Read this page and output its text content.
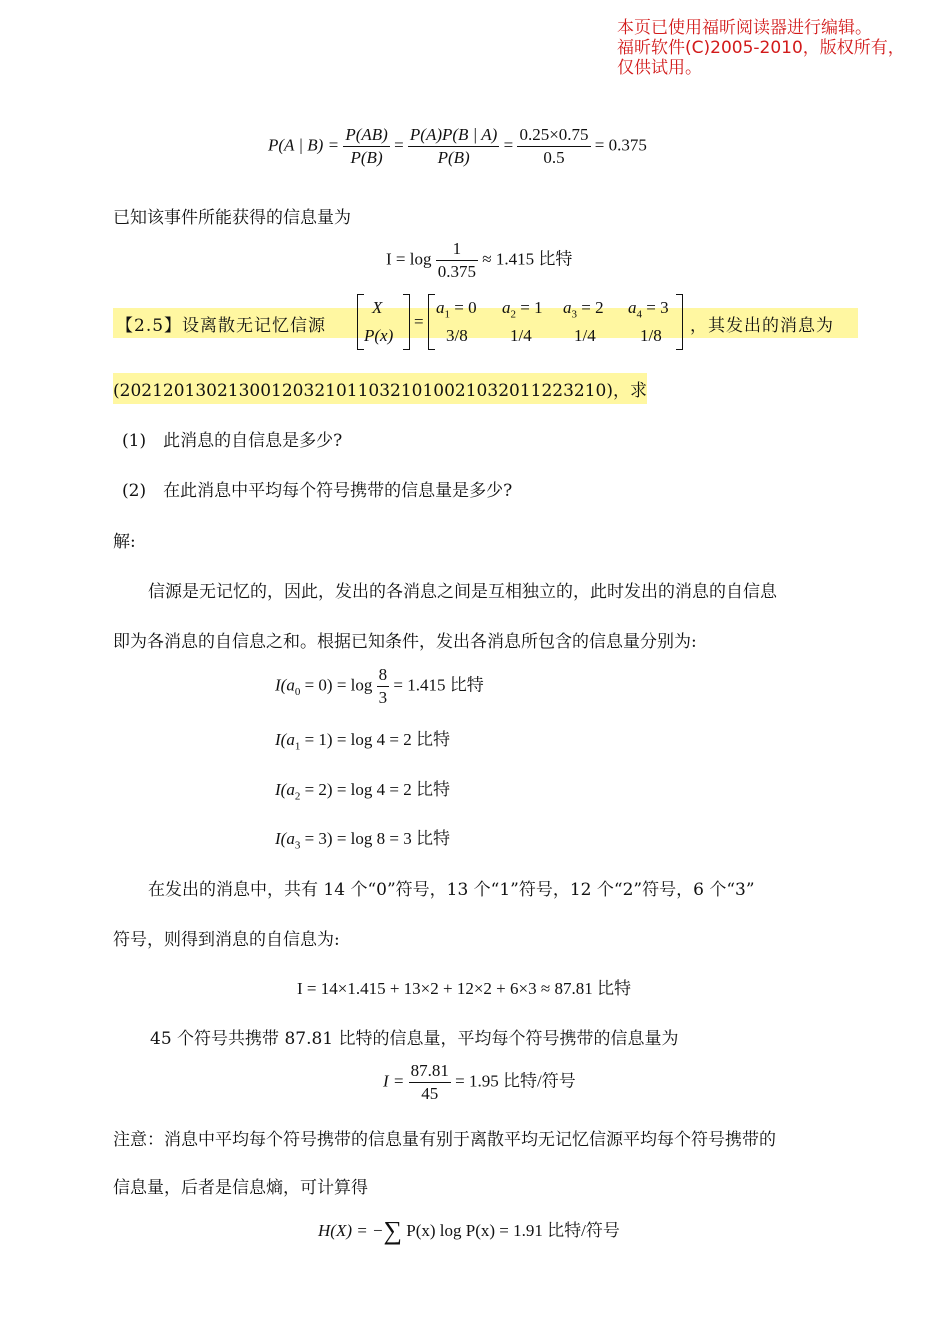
本页已使用福昕阅读器进行编辑。
福昕软件(C)2005-2010，版权所有，
仅供试用。
P(A | $B) = \frac{P(AB)}{P(B)} = \frac{P(A)P(B | A)}{P(B)} = \frac{0.25\times 0.75}{0.5} = 0.375$
已知该事件所能获得的信息量为
$I = \log \frac{1}{0.375} \approx 1.415$ 比特
【2.5】设离散无记忆信源
X
P(x)
=
$a_1 = 0$ $a_2 = 1$ $a_3 = 2$ $a_4 = 3$
3/8 1/4 1/4	1/8 ，其发出的消息为
(202120130213001203210110321010021032011223210)，求
(1)　此消息的自信息是多少?
(2)　在此消息中平均每个符号携带的信息量是多少?
解:
信源是无记忆的，因此，发出的各消息之间是互相独立的，此时发出的消息的自信息
即为各消息的自信息之和。根据已知条件，发出各消息所包含的信息量分别为:
$I(a_0 = 0) = \log \frac{8}{3} = 1.415$ 比特
$I(a_1 = 1) = \log 4 = 2$ 比特
$I(a_2 = 2) = \log 4 = 2$ 比特
$I(a_3 = 3) = \log 8 = 3$ 比特
在发出的消息中，共有 14 个“0”符号，13 个“1”符号，12 个“2”符号，6 个“3”
符号，则得到消息的自信息为:
I = 14×1.415 + 13×2 + 12×2 + 6×3 ≈ 87.81 比特
45 个符号共携带 87.81 比特的信息量，平均每个符号携带的信息量为
$I = \frac{87.81}{45} = 1.95$ 比特/符号
注意：消息中平均每个符号携带的信息量有别于离散平均无记忆信源平均每个符号携带的
信息量，后者是信息熵，可计算得
H(X) = −∑ P(x) log P(x) = 1.91 比特/符号
